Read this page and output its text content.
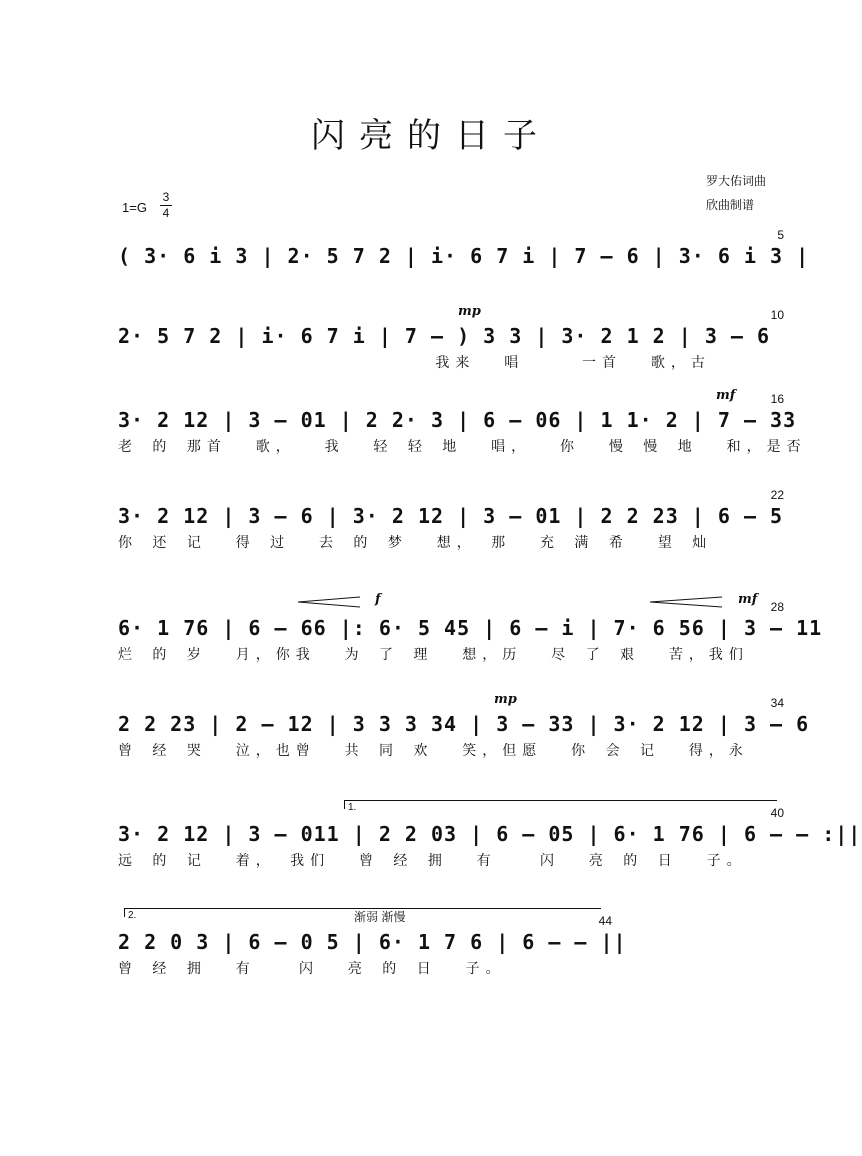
闪亮的日子
罗大佑词曲
欣曲制谱
1=G
3
4
5
( 3· 6 i 3 | 2· 5 7 2 | i· 6 7 i | 7 – 6 | 3· 6 i 3 |
10
mp
2· 5 7 2 | i· 6 7 i | 7 – ) 3 3 | 3· 2 1 2 | 3 – 6
我来  唱    一首  歌，古
16
mf
3· 2 12 | 3 – 01 | 2 2· 3 | 6 – 06 | 1 1· 2 | 7 – 33
老 的 那首  歌，  我  轻 轻 地  唱，  你  慢 慢 地  和，是否
22
3· 2 12 | 3 – 6 | 3· 2 12 | 3 – 01 | 2 2 23 | 6 – 5
你 还 记  得 过  去 的 梦  想， 那  充 满 希  望 灿
28
f	mf
6· 1 76 | 6 – 66 |: 6· 5 45 | 6 – i | 7· 6 56 | 3 – 11
烂 的 岁  月，你我  为 了 理  想，历  尽 了 艰  苦，我们
34
mp
2 2 23 | 2 – 12 | 3 3 3 34 | 3 – 33 | 3· 2 12 | 3 – 6
曾 经 哭  泣，也曾  共 同 欢  笑，但愿  你 会 记  得，永
40
1.
3· 2 12 | 3 – 011 | 2 2 03 | 6 – 05 | 6· 1 76 | 6 – – :||
远 的 记  着， 我们  曾 经 拥  有   闪  亮 的 日  子。
44
2.	渐弱 渐慢
2 2 0 3 | 6 – 0 5 | 6· 1 7 6 | 6 – – ||
曾 经 拥  有   闪  亮 的 日  子。
